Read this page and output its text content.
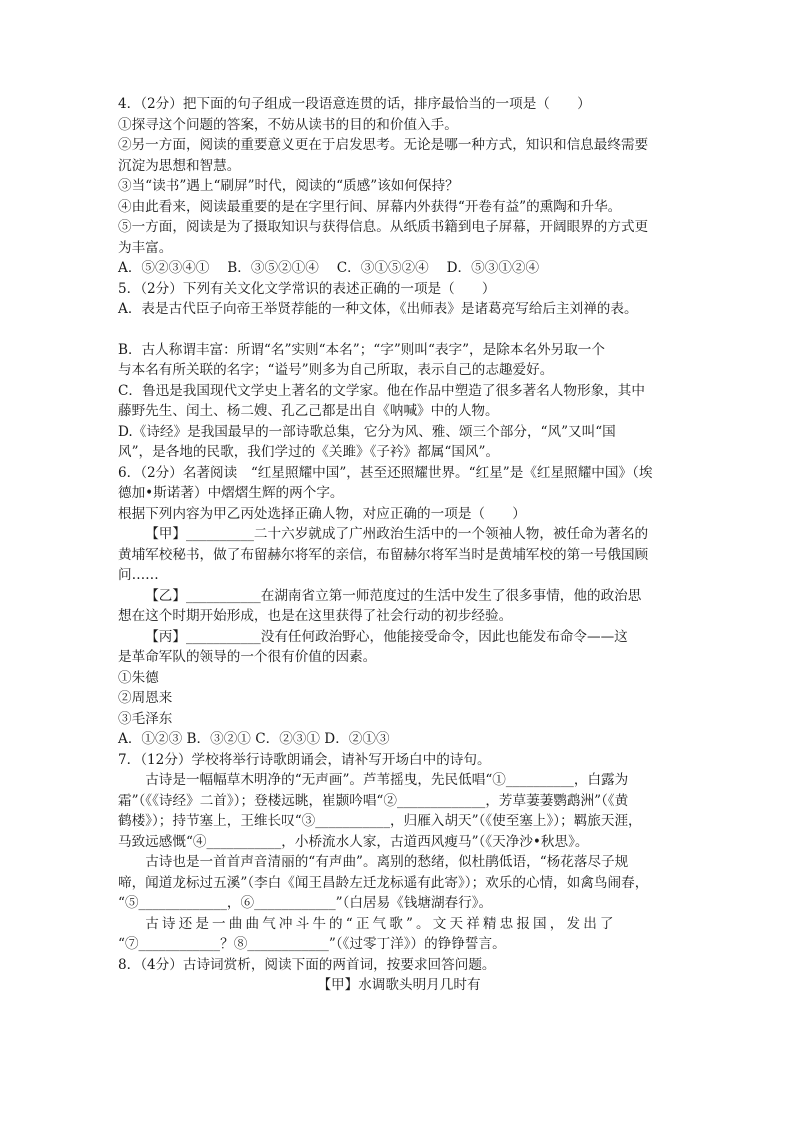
4．（2分）把下面的句子组成一段语意连贯的话，排序最恰当的一项是（　　）
①探寻这个问题的答案，不妨从读书的目的和价值入手。
②另一方面，阅读的重要意义更在于启发思考。无论是哪一种方式，知识和信息最终需要
沉淀为思想和智慧。
③当“读书”遇上“刷屏”时代，阅读的“质感”该如何保持？
④由此看来，阅读最重要的是在字里行间、屏幕内外获得“开卷有益”的熏陶和升华。
⑤一方面，阅读是为了摄取知识与获得信息。从纸质书籍到电子屏幕，开阔眼界的方式更
为丰富。
A．⑤②③④①　 B．③⑤②①④　 C．③①⑤②④　 D．⑤③①②④
5．（2分）下列有关文化文学常识的表述正确的一项是（　　）
A．表是古代臣子向帝王举贤荐能的一种文体，《出师表》是诸葛亮写给后主刘禅的表。
B．古人称谓丰富：所谓“名”实则“本名”；“字”则叫“表字”，是除本名外另取一个
与本名有所关联的名字；“谥号”则多为自己所取，表示自己的志趣爱好。
C．鲁迅是我国现代文学史上著名的文学家。他在作品中塑造了很多著名人物形象，其中
藤野先生、闰土、杨二嫂、孔乙己都是出自《呐喊》中的人物。
D.《诗经》是我国最早的一部诗歌总集，它分为风、雅、颂三个部分，“风”又叫“国
风”，是各地的民歌，我们学过的《关雎》《子衿》都属“国风”。
6．（2分）名著阅读　“红星照耀中国”，甚至还照耀世界。“红星”是《红星照耀中国》（埃
德加•斯诺著）中熠熠生辉的两个字。
根据下列内容为甲乙丙处选择正确人物，对应正确的一项是（　　）
【甲】__________二十六岁就成了广州政治生活中的一个领袖人物，被任命为著名的
黄埔军校秘书，做了布留赫尔将军的亲信，布留赫尔将军当时是黄埔军校的第一号俄国顾
问……
【乙】___________在湖南省立第一师范度过的生活中发生了很多事情，他的政治思
想在这个时期开始形成，也是在这里获得了社会行动的初步经验。
【丙】___________没有任何政治野心，他能接受命令，因此也能发布命令——这
是革命军队的领导的一个很有价值的因素。
①朱德
②周恩来
③毛泽东
A．①②③ B．③②① C．②③① D．②①③
7．（12分）学校将举行诗歌朗诵会，请补写开场白中的诗句。
古诗是一幅幅草木明净的“无声画”。芦苇摇曳，先民低唱“①__________，白露为
霜”（《《诗经》二首》）；登楼远眺，崔颢吟唱“②_____________，芳草萋萋鹦鹉洲”（《黄
鹤楼》）；持节塞上，王维长叹“③___________，归雁入胡天”（《使至塞上》）；羁旅天涯，
马致远感慨“④___________，小桥流水人家，古道西风瘦马”（《天净沙•秋思》。
古诗也是一首首声音清丽的“有声曲”。离别的愁绪，似杜鹃低语，“杨花落尽子规
啼，闻道龙标过五溪”（李白《闻王昌龄左迁龙标遥有此寄》）；欢乐的心情，如禽鸟闹春，
“⑤_____________，⑥____________”（白居易《钱塘湖春行》。
古 诗 还 是 一 曲 曲 气 冲 斗 牛 的 “ 正 气 歌 ” 。 文 天 祥 精 忠 报 国 ， 发 出 了
“⑦____________？⑧____________”（《过零丁洋》）的铮铮誓言。
8．（4分）古诗词赏析，阅读下面的两首词，按要求回答问题。
【甲】水调歌头明月几时有
